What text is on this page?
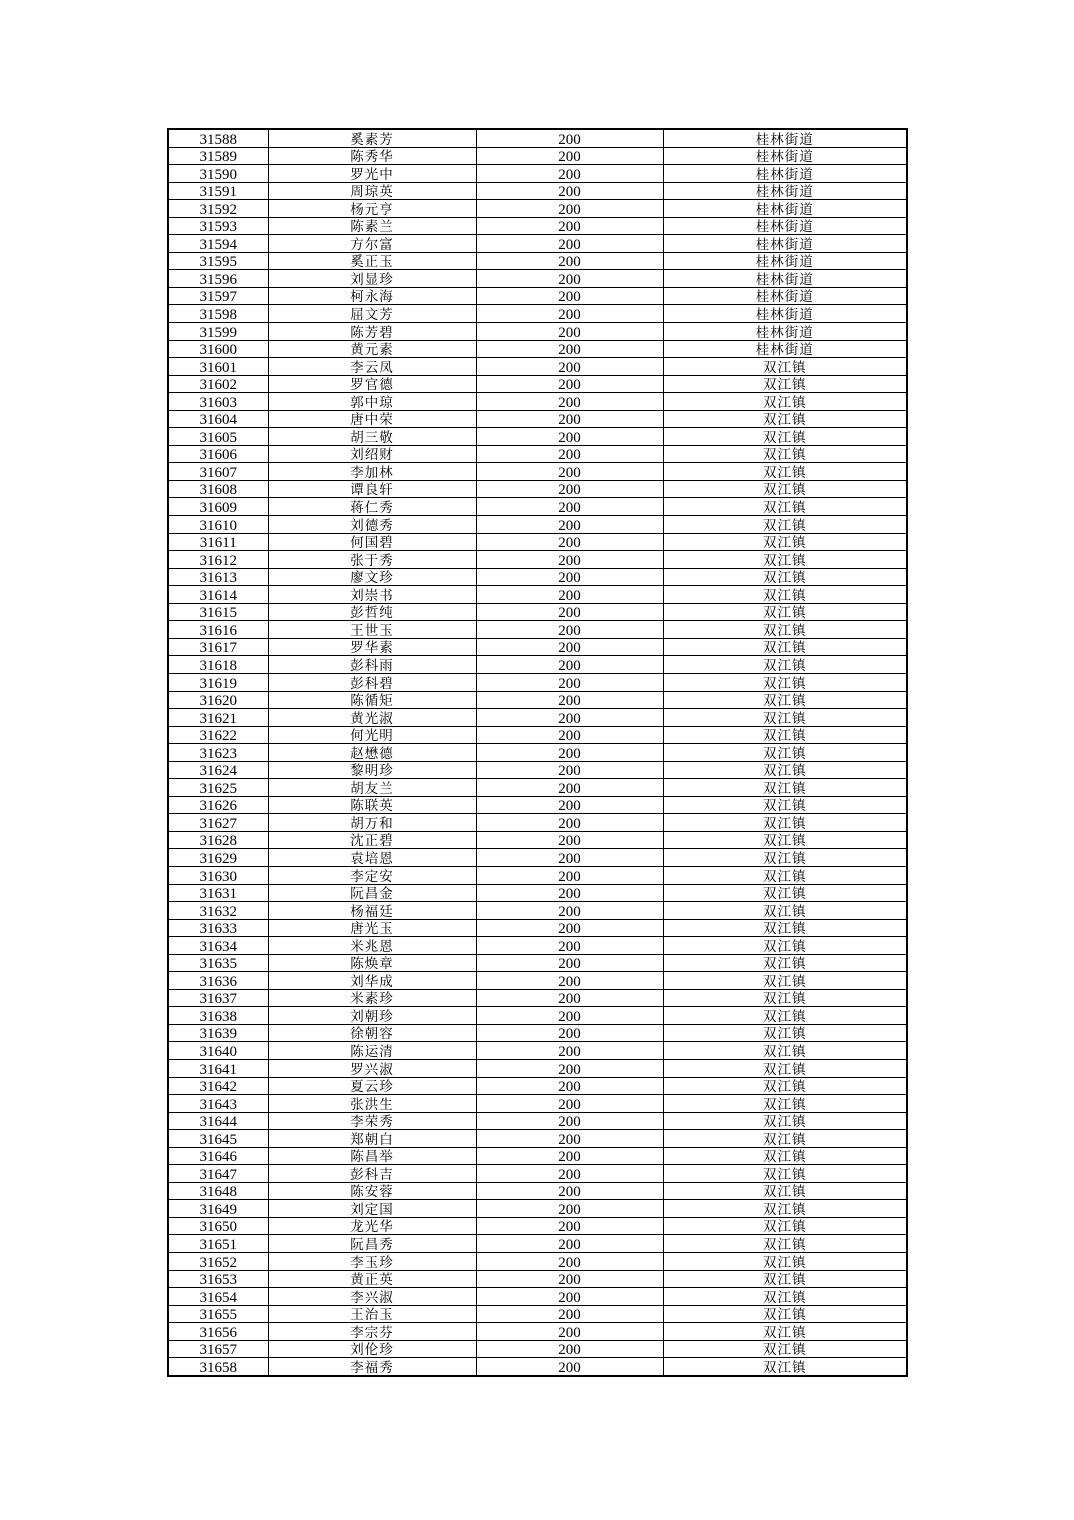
31588	奚素芳	200	桂林街道
31589	陈秀华	200	桂林街道
31590	罗光中	200	桂林街道
31591	周琼英	200	桂林街道
31592	杨元亨	200	桂林街道
31593	陈素兰	200	桂林街道
31594	方尔富	200	桂林街道
31595	奚正玉	200	桂林街道
31596	刘显珍	200	桂林街道
31597	柯永海	200	桂林街道
31598	屈文芳	200	桂林街道
31599	陈芳碧	200	桂林街道
31600	黄元素	200	桂林街道
31601	李云凤	200	双江镇
31602	罗官德	200	双江镇
31603	郭中琼	200	双江镇
31604	唐中荣	200	双江镇
31605	胡三敬	200	双江镇
31606	刘绍财	200	双江镇
31607	李加林	200	双江镇
31608	谭良轩	200	双江镇
31609	蒋仁秀	200	双江镇
31610	刘德秀	200	双江镇
31611	何国碧	200	双江镇
31612	张于秀	200	双江镇
31613	廖文珍	200	双江镇
31614	刘崇书	200	双江镇
31615	彭哲纯	200	双江镇
31616	王世玉	200	双江镇
31617	罗华素	200	双江镇
31618	彭科雨	200	双江镇
31619	彭科碧	200	双江镇
31620	陈循矩	200	双江镇
31621	黄光淑	200	双江镇
31622	何光明	200	双江镇
31623	赵懋德	200	双江镇
31624	黎明珍	200	双江镇
31625	胡友兰	200	双江镇
31626	陈联英	200	双江镇
31627	胡万和	200	双江镇
31628	沈正碧	200	双江镇
31629	袁培恩	200	双江镇
31630	李定安	200	双江镇
31631	阮昌金	200	双江镇
31632	杨福廷	200	双江镇
31633	唐光玉	200	双江镇
31634	米兆恩	200	双江镇
31635	陈焕章	200	双江镇
31636	刘华成	200	双江镇
31637	米素珍	200	双江镇
31638	刘朝珍	200	双江镇
31639	徐朝容	200	双江镇
31640	陈运清	200	双江镇
31641	罗兴淑	200	双江镇
31642	夏云珍	200	双江镇
31643	张洪生	200	双江镇
31644	李荣秀	200	双江镇
31645	郑朝白	200	双江镇
31646	陈昌举	200	双江镇
31647	彭科吉	200	双江镇
31648	陈安蓉	200	双江镇
31649	刘定国	200	双江镇
31650	龙光华	200	双江镇
31651	阮昌秀	200	双江镇
31652	李玉珍	200	双江镇
31653	黄正英	200	双江镇
31654	李兴淑	200	双江镇
31655	王治玉	200	双江镇
31656	李宗芬	200	双江镇
31657	刘伦珍	200	双江镇
31658	李福秀	200	双江镇
